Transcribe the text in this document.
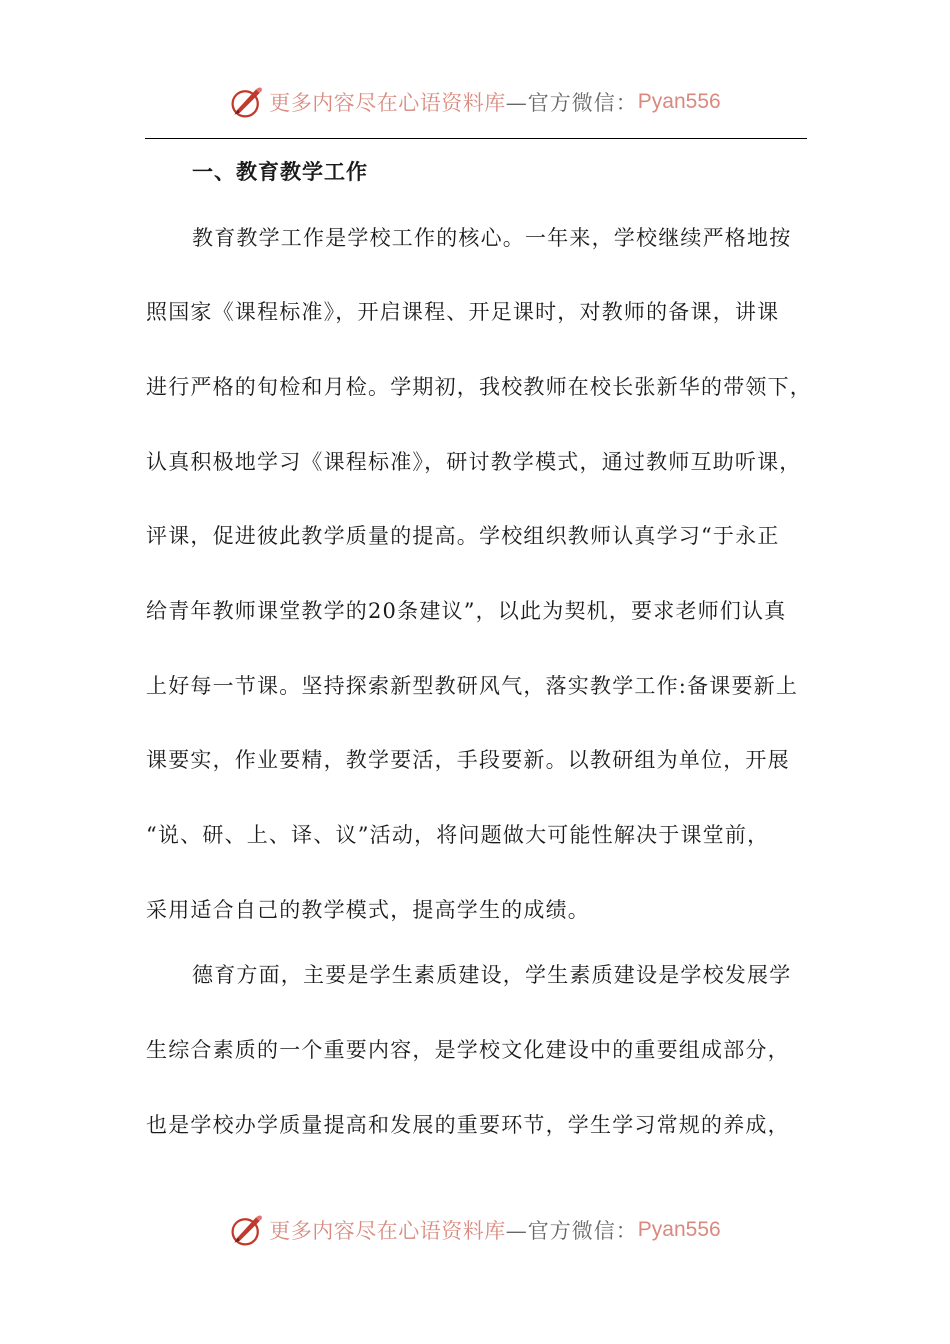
更多内容尽在心语资料库 —官方微信： Pyan556
一、教育教学工作
教育教学工作是学校工作的核心。一年来，学校继续严格地按
照国家《课程标准》，开启课程、开足课时，对教师的备课，讲课
进行严格的旬检和月检。学期初，我校教师在校长张新华的带领下，
认真积极地学习《课程标准》，研讨教学模式，通过教师互助听课，
评课，促进彼此教学质量的提高。学校组织教师认真学习“于永正
给青年教师课堂教学的20条建议”，以此为契机，要求老师们认真
上好每一节课。坚持探索新型教研风气，落实教学工作:备课要新上
课要实，作业要精，教学要活，手段要新。以教研组为单位，开展
“说、研、上、译、议”活动，将问题做大可能性解决于课堂前，
采用适合自己的教学模式，提高学生的成绩。
德育方面，主要是学生素质建设，学生素质建设是学校发展学
生综合素质的一个重要内容，是学校文化建设中的重要组成部分，
也是学校办学质量提高和发展的重要环节，学生学习常规的养成，
更多内容尽在心语资料库 —官方微信： Pyan556
